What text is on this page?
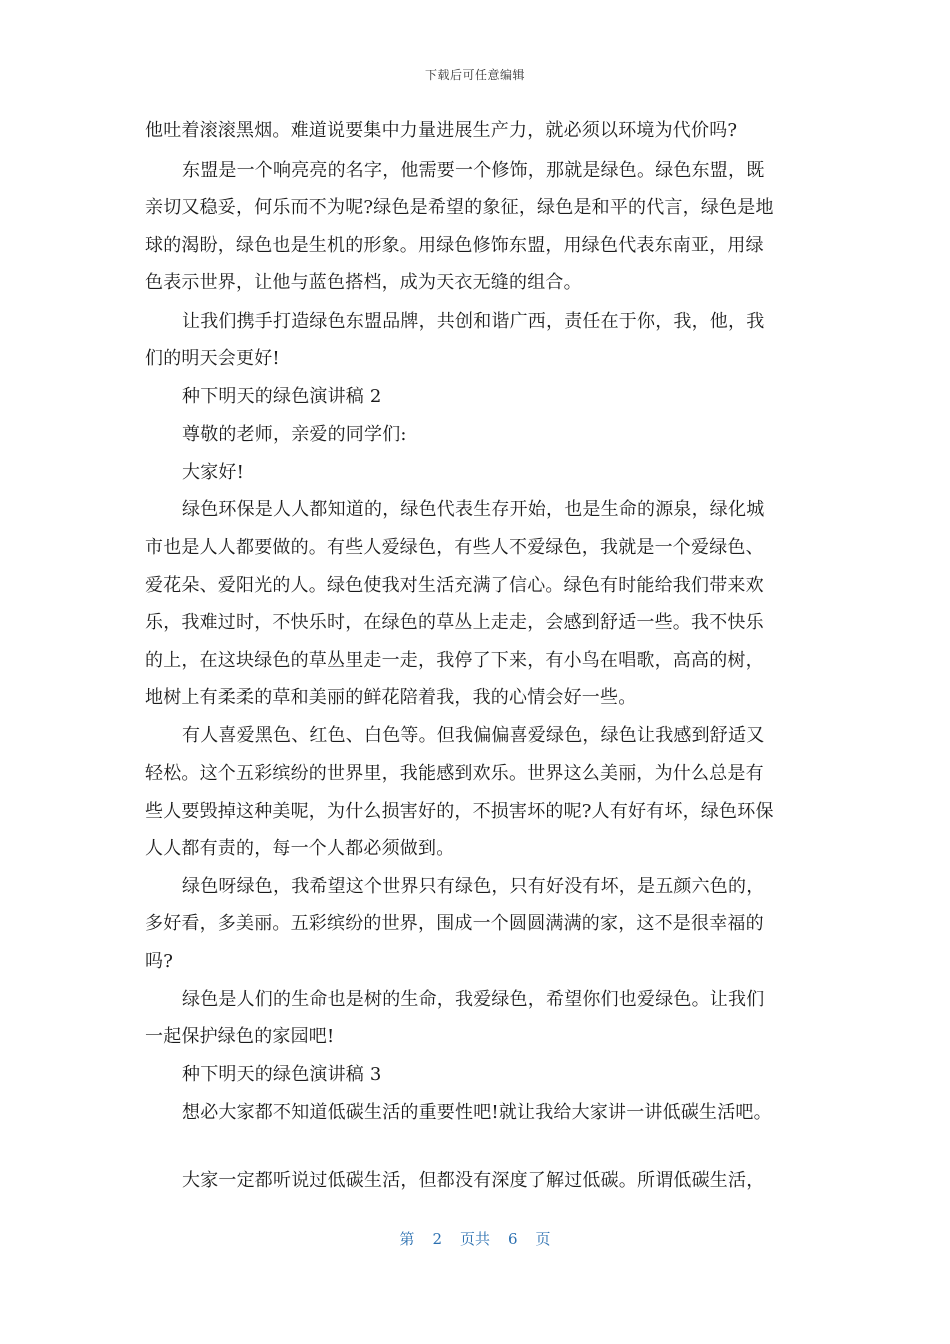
下载后可任意编辑
他吐着滚滚黑烟。难道说要集中力量进展生产力，就必须以环境为代价吗?
东盟是一个响亮亮的名字，他需要一个修饰，那就是绿色。绿色东盟，既
亲切又稳妥，何乐而不为呢?绿色是希望的象征，绿色是和平的代言，绿色是地
球的渴盼，绿色也是生机的形象。用绿色修饰东盟，用绿色代表东南亚，用绿
色表示世界，让他与蓝色搭档，成为天衣无缝的组合。
让我们携手打造绿色东盟品牌，共创和谐广西，责任在于你，我，他，我
们的明天会更好!
种下明天的绿色演讲稿 2
尊敬的老师，亲爱的同学们:
大家好!
绿色环保是人人都知道的，绿色代表生存开始，也是生命的源泉，绿化城
市也是人人都要做的。有些人爱绿色，有些人不爱绿色，我就是一个爱绿色、
爱花朵、爱阳光的人。绿色使我对生活充满了信心。绿色有时能给我们带来欢
乐，我难过时，不快乐时，在绿色的草丛上走走，会感到舒适一些。我不快乐
的上，在这块绿色的草丛里走一走，我停了下来，有小鸟在唱歌，高高的树，
地树上有柔柔的草和美丽的鲜花陪着我，我的心情会好一些。
有人喜爱黑色、红色、白色等。但我偏偏喜爱绿色，绿色让我感到舒适又
轻松。这个五彩缤纷的世界里，我能感到欢乐。世界这么美丽，为什么总是有
些人要毁掉这种美呢，为什么损害好的，不损害坏的呢?人有好有坏，绿色环保
人人都有责的，每一个人都必须做到。
绿色呀绿色，我希望这个世界只有绿色，只有好没有坏，是五颜六色的，
多好看，多美丽。五彩缤纷的世界，围成一个圆圆满满的家，这不是很幸福的
吗?
绿色是人们的生命也是树的生命，我爱绿色，希望你们也爱绿色。让我们
一起保护绿色的家园吧!
种下明天的绿色演讲稿 3
想必大家都不知道低碳生活的重要性吧!就让我给大家讲一讲低碳生活吧。
大家一定都听说过低碳生活，但都没有深度了解过低碳。所谓低碳生活，
第 2 页共 6 页
